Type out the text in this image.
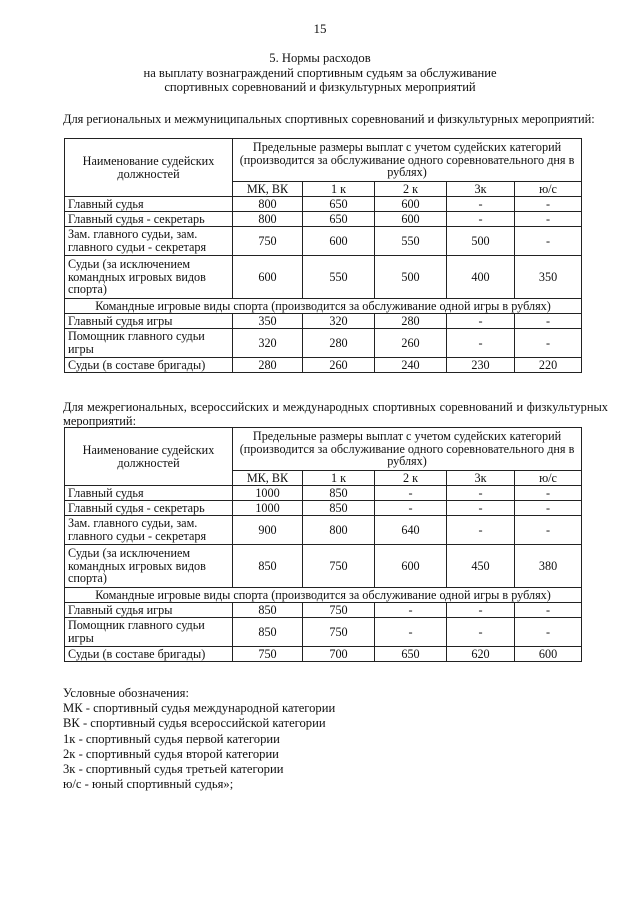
15
5. Нормы расходов
на выплату вознаграждений спортивным судьям за обслуживание
спортивных соревнований и физкультурных мероприятий
Для региональных и межмуниципальных спортивных соревнований и физкультурных мероприятий:
Наименование судейских должностей	Предельные размеры выплат с учетом судейских категорий (производится за обслуживание одного соревновательного дня в рублях)				
	МК, ВК	1 к	2 к	3к	ю/с
Главный судья	800	650	600	-	-
Главный судья - секретарь	800	650	600	-	-
Зам. главного судьи, зам. главного судьи - секретаря	750	600	550	500	-
Судьи (за исключением командных игровых видов спорта)	600	550	500	400	350
Командные игровые виды спорта (производится за обслуживание одной игры в рублях)					
Главный судья игры	350	320	280	-	-
Помощник главного судьи игры	320	280	260	-	-
Судьи (в составе бригады)	280	260	240	230	220
Для межрегиональных, всероссийских и международных спортивных соревнований и физкультурных мероприятий:
Наименование судейских должностей	Предельные размеры выплат с учетом судейских категорий (производится за обслуживание одного соревновательного дня в рублях)				
	МК, ВК	1 к	2 к	3к	ю/с
Главный судья	1000	850	-	-	-
Главный судья - секретарь	1000	850	-	-	-
Зам. главного судьи, зам. главного судьи - секретаря	900	800	640	-	-
Судьи (за исключением командных игровых видов спорта)	850	750	600	450	380
Командные игровые виды спорта (производится за обслуживание одной игры в рублях)					
Главный судья игры	850	750	-	-	-
Помощник главного судьи игры	850	750	-	-	-
Судьи (в составе бригады)	750	700	650	620	600
Условные обозначения:
МК - спортивный судья международной категории
ВК - спортивный судья всероссийской категории
1к - спортивный судья первой категории
2к - спортивный судья второй категории
3к - спортивный судья третьей категории
ю/с - юный спортивный судья»;
